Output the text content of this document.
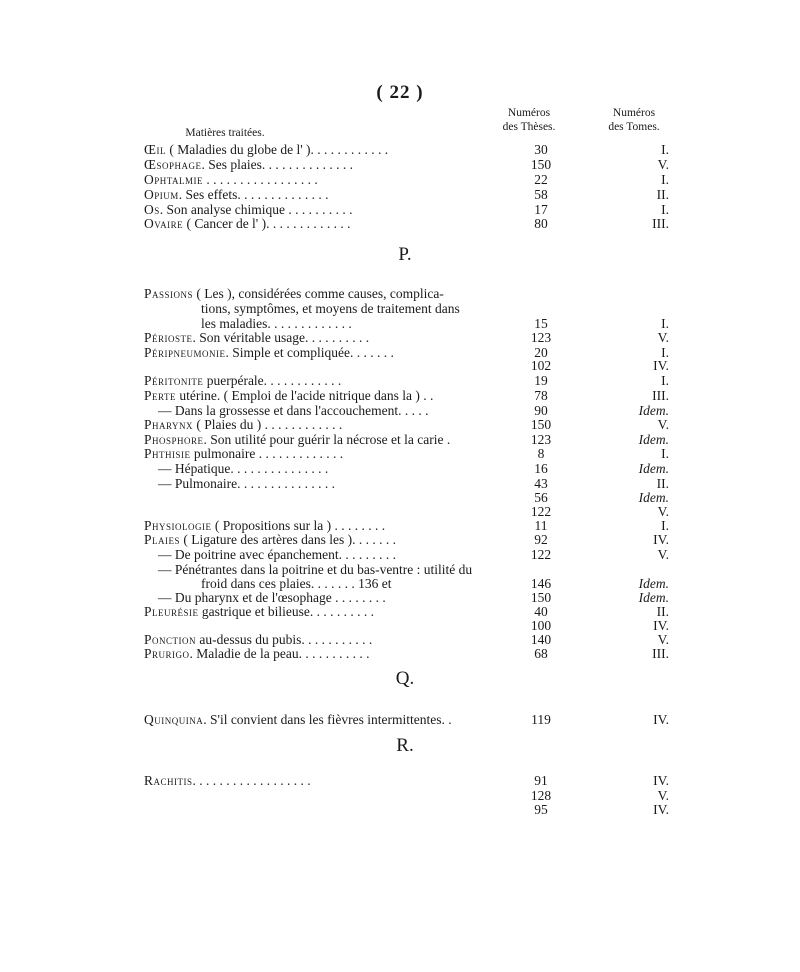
( 22 )
Matières traitées.
Numéros
des Thèses.
Numéros
des Tomes.
P.
Q.
R.
Œil ( Maladies du globe de l' ). . . . . . . . . . . .	30	I.
Œsophage. Ses plaies. . . . . . . . . . . . . .	150	V.
Ophtalmie . . . . . . . . . . . . . . . . .	22	I.
Opium. Ses effets. . . . . . . . . . . . . .	58	II.
Os. Son analyse chimique . . . . . . . . . .	17	I.
Ovaire ( Cancer de l' ). . . . . . . . . . . . .	80	III.
Passions ( Les ), considérées comme causes, complica-
tions, symptômes, et moyens de traitement dans
les maladies. . . . . . . . . . . . .	15	I.
Périoste. Son véritable usage. . . . . . . . . .	123	V.
Péripneumonie. Simple et compliquée. . . . . . .	20	I.
102	IV.
Péritonite puerpérale. . . . . . . . . . . .	19	I.
Perte utérine. ( Emploi de l'acide nitrique dans la ) . .	78	III.
— Dans la grossesse et dans l'accouchement. . . . .	90	Idem.
Pharynx ( Plaies du ) . . . . . . . . . . . .	150	V.
Phosphore. Son utilité pour guérir la nécrose et la carie .	123	Idem.
Phthisie pulmonaire . . . . . . . . . . . . .	8	I.
— Hépatique. . . . . . . . . . . . . . .	16	Idem.
— Pulmonaire. . . . . . . . . . . . . . .	43	II.
56	Idem.
122	V.
Physiologie ( Propositions sur la ) . . . . . . . .	11	I.
Plaies ( Ligature des artères dans les ). . . . . . .	92	IV.
— De poitrine avec épanchement. . . . . . . . .	122	V.
— Pénétrantes dans la poitrine et du bas-ventre : utilité du
froid dans ces plaies. . . . . . . 136 et	146	Idem.
— Du pharynx et de l'œsophage . . . . . . . .	150	Idem.
Pleurésie gastrique et bilieuse. . . . . . . . . .	40	II.
100	IV.
Ponction au-dessus du pubis. . . . . . . . . . .	140	V.
Prurigo. Maladie de la peau. . . . . . . . . . .	68	III.
Quinquina. S'il convient dans les fièvres intermittentes. .	119	IV.
Rachitis. . . . . . . . . . . . . . . . . .	91	IV.
128	V.
95	IV.
